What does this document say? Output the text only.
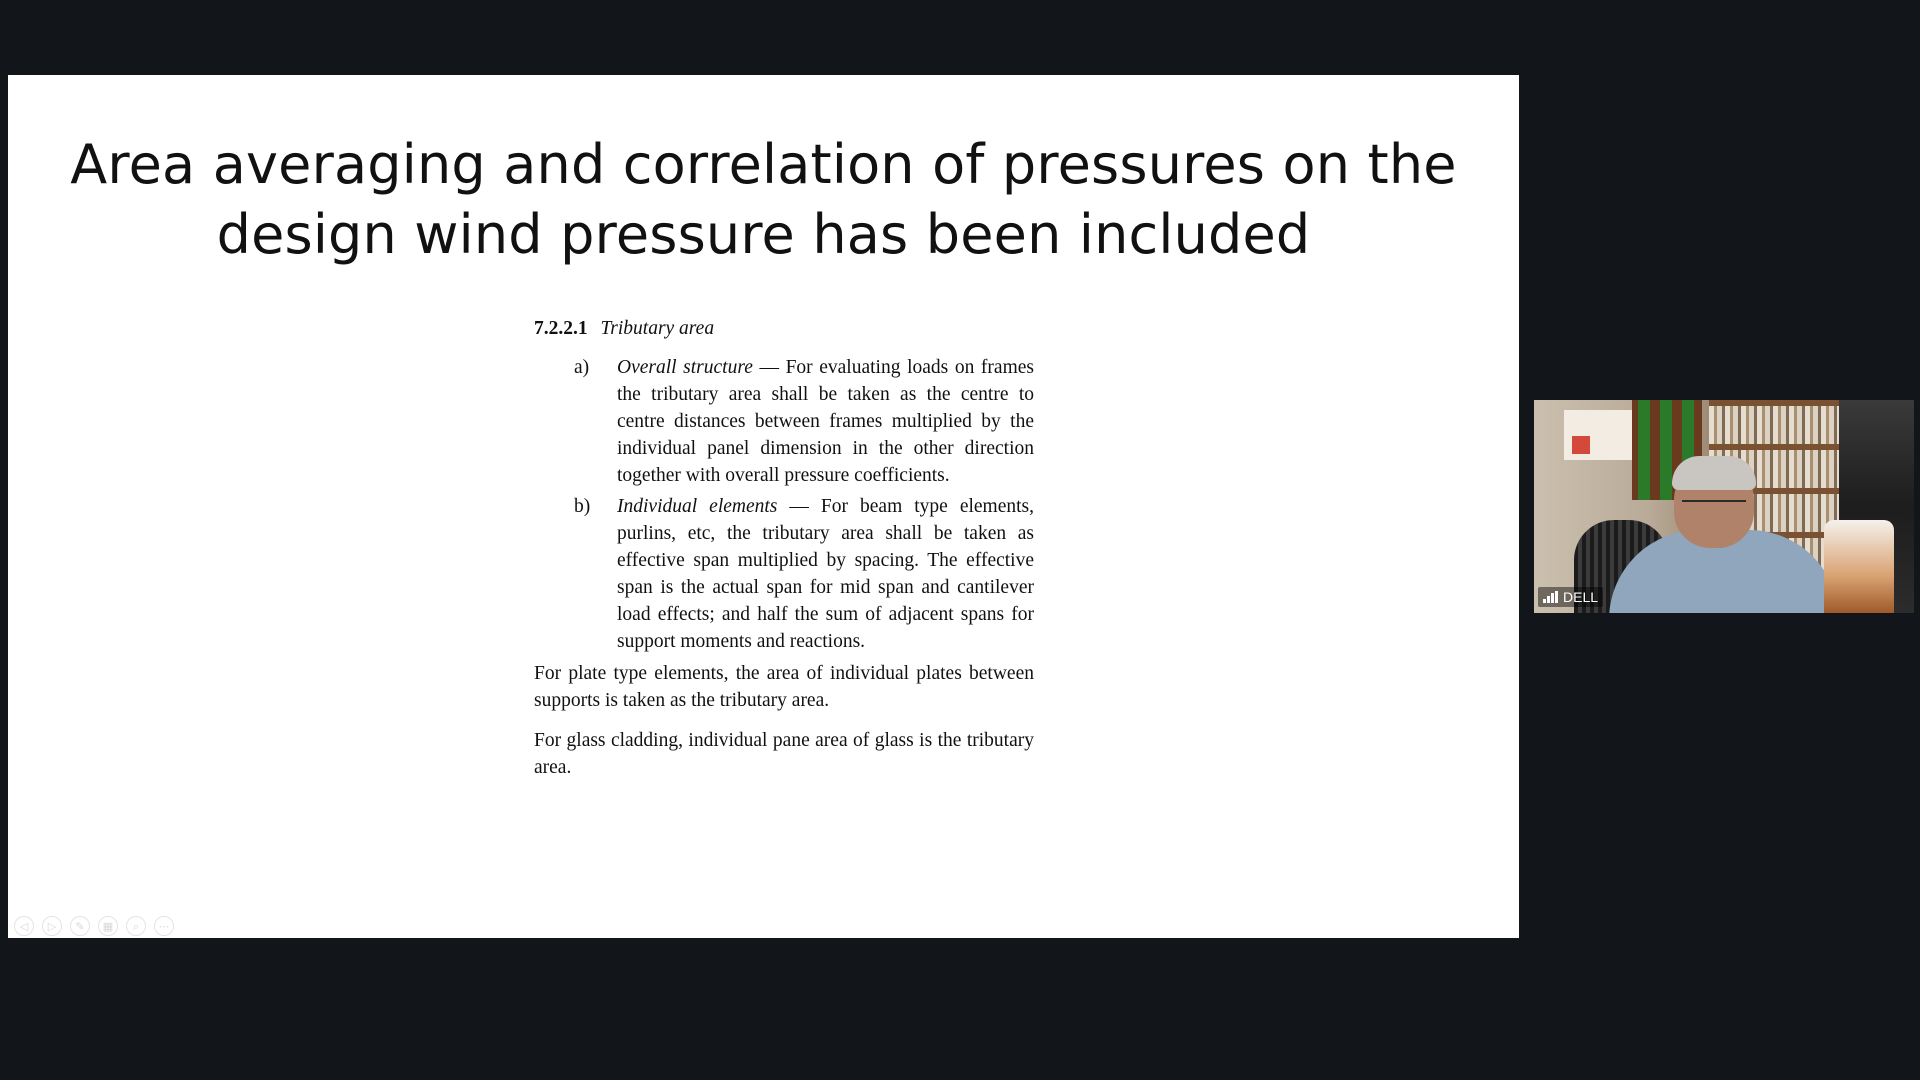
Area averaging and correlation of pressures on the
design wind pressure has been included

7.2.2.1 Tributary area

a) Overall structure — For evaluating loads on frames the tributary area shall be taken as the centre to centre distances between frames multiplied by the individual panel dimension in the other direction together with overall pressure coefficients.

b) Individual elements — For beam type elements, purlins, etc, the tributary area shall be taken as effective span multiplied by spacing. The effective span is the actual span for mid span and cantilever load effects; and half the sum of adjacent spans for support moments and reactions.

For plate type elements, the area of individual plates between supports is taken as the tributary area.

For glass cladding, individual pane area of glass is the tributary area.

◁	▷	✎	▦	⌕	⋯
DELL
